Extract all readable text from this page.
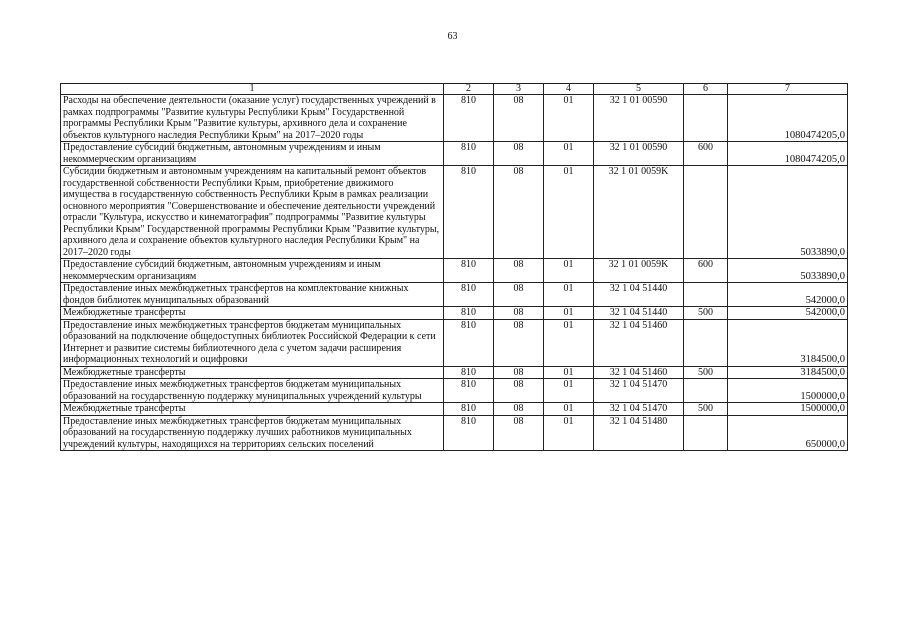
63
1	2	3	4	5	6	7
Расходы на обеспечение деятельности (оказание услуг) государственных учреждений в рамках подпрограммы "Развитие культуры Республики Крым" Государственной программы Республики Крым "Развитие культуры, архивного дела и сохранение объектов культурного наследия Республики Крым" на 2017–2020 годы	810	08	01	32 1 01 00590		1080474205,0
Предоставление субсидий бюджетным, автономным учреждениям и иным некоммерческим организациям	810	08	01	32 1 01 00590	600	1080474205,0
Субсидии бюджетным и автономным учреждениям на капитальный ремонт объектов государственной собственности Республики Крым, приобретение движимого имущества в государственную собственность Республики Крым в рамках реализации основного мероприятия "Совершенствование и обеспечение деятельности учреждений отрасли "Культура, искусство и кинематография" подпрограммы "Развитие культуры Республики Крым" Государственной программы Республики Крым "Развитие культуры, архивного дела и сохранение объектов культурного наследия Республики Крым" на 2017–2020 годы	810	08	01	32 1 01 0059K		5033890,0
Предоставление субсидий бюджетным, автономным учреждениям и иным некоммерческим организациям	810	08	01	32 1 01 0059K	600	5033890,0
Предоставление иных межбюджетных трансфертов на комплектование книжных фондов библиотек муниципальных образований	810	08	01	32 1 04 51440		542000,0
Межбюджетные трансферты	810	08	01	32 1 04 51440	500	542000,0
Предоставление иных межбюджетных трансфертов бюджетам муниципальных образований на подключение общедоступных библиотек Российской Федерации к сети Интернет и развитие системы библиотечного дела с учетом задачи расширения информационных технологий и оцифровки	810	08	01	32 1 04 51460		3184500,0
Межбюджетные трансферты	810	08	01	32 1 04 51460	500	3184500,0
Предоставление иных межбюджетных трансфертов бюджетам муниципальных образований на государственную поддержку муниципальных учреждений культуры	810	08	01	32 1 04 51470		1500000,0
Межбюджетные трансферты	810	08	01	32 1 04 51470	500	1500000,0
Предоставление иных межбюджетных трансфертов бюджетам муниципальных образований на государственную поддержку лучших работников муниципальных учреждений культуры, находящихся на территориях сельских поселений	810	08	01	32 1 04 51480		650000,0
